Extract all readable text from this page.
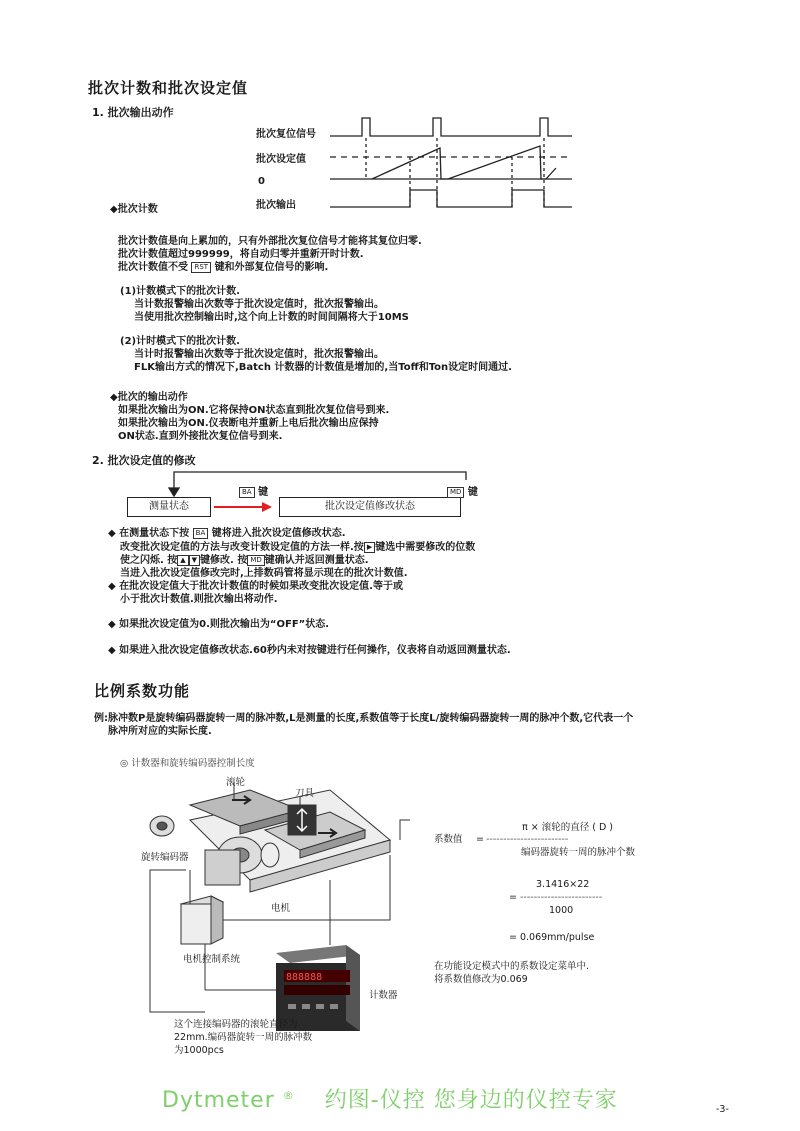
批次计数和批次设定值
1. 批次输出动作
批次复位信号
批次设定值
0
批次输出
◆批次计数
批次计数值是向上累加的，只有外部批次复位信号才能将其复位归零.
批次计数值超过999999，将自动归零并重新开时计数.
批次计数值不受 RST 键和外部复位信号的影响.
(1)计数模式下的批次计数.
当计数报警输出次数等于批次设定值时，批次报警输出。
当使用批次控制输出时,这个向上计数的时间间隔将大于10MS
(2)计时模式下的批次计数.
当计时报警输出次数等于批次设定值时，批次报警输出。
FLK输出方式的情况下,Batch 计数器的计数值是增加的,当Toff和Ton设定时间通过.
◆批次的输出动作
如果批次输出为ON.它将保持ON状态直到批次复位信号到来.
如果批次输出为ON.仪表断电并重新上电后批次输出应保持
ON状态.直到外接批次复位信号到来.
2. 批次设定值的修改
测量状态	批次设定值修改状态
BA 键	MD 键
◆ 在测量状态下按 BA 键将进入批次设定值修改状态.
改变批次设定值的方法与改变计数设定值的方法一样.按 ▶ 键选中需要修改的位数
使之闪烁. 按 ▲ ▼ 键修改. 按 MD 键确认并返回测量状态.
当进入批次设定值修改完时,上排数码管将显示现在的批次计数值.
◆ 在批次设定值大于批次计数值的时候如果改变批次设定值.等于或
小于批次计数值.则批次输出将动作.
◆ 如果批次设定值为0.则批次输出为“OFF”状态.
◆ 如果进入批次设定值修改状态.60秒内未对按键进行任何操作，仪表将自动返回测量状态.
比例系数功能
例:脉冲数P是旋转编码器旋转一周的脉冲数,L是测量的长度,系数值等于长度L/旋转编码器旋转一周的脉冲个数,它代表一个
脉冲所对应的实际长度.
◎ 计数器和旋转编码器控制长度
888888
滚轮
刀具
旋转编码器
电机
电机控制系统
计数器
这个连接编码器的滚轮直径为
22mm.编码器旋转一周的脉冲数
为1000pcs
系数值 =
π × 滚轮的直径 ( D )
------------------------
编码器旋转一周的脉冲个数
3.1416×22
= ------------------------
1000
= 0.069mm/pulse
在功能设定模式中的系数设定菜单中.
将系数值修改为0.069
Dytmeter ® 约图-仪控 您身边的仪控专家	-3-
